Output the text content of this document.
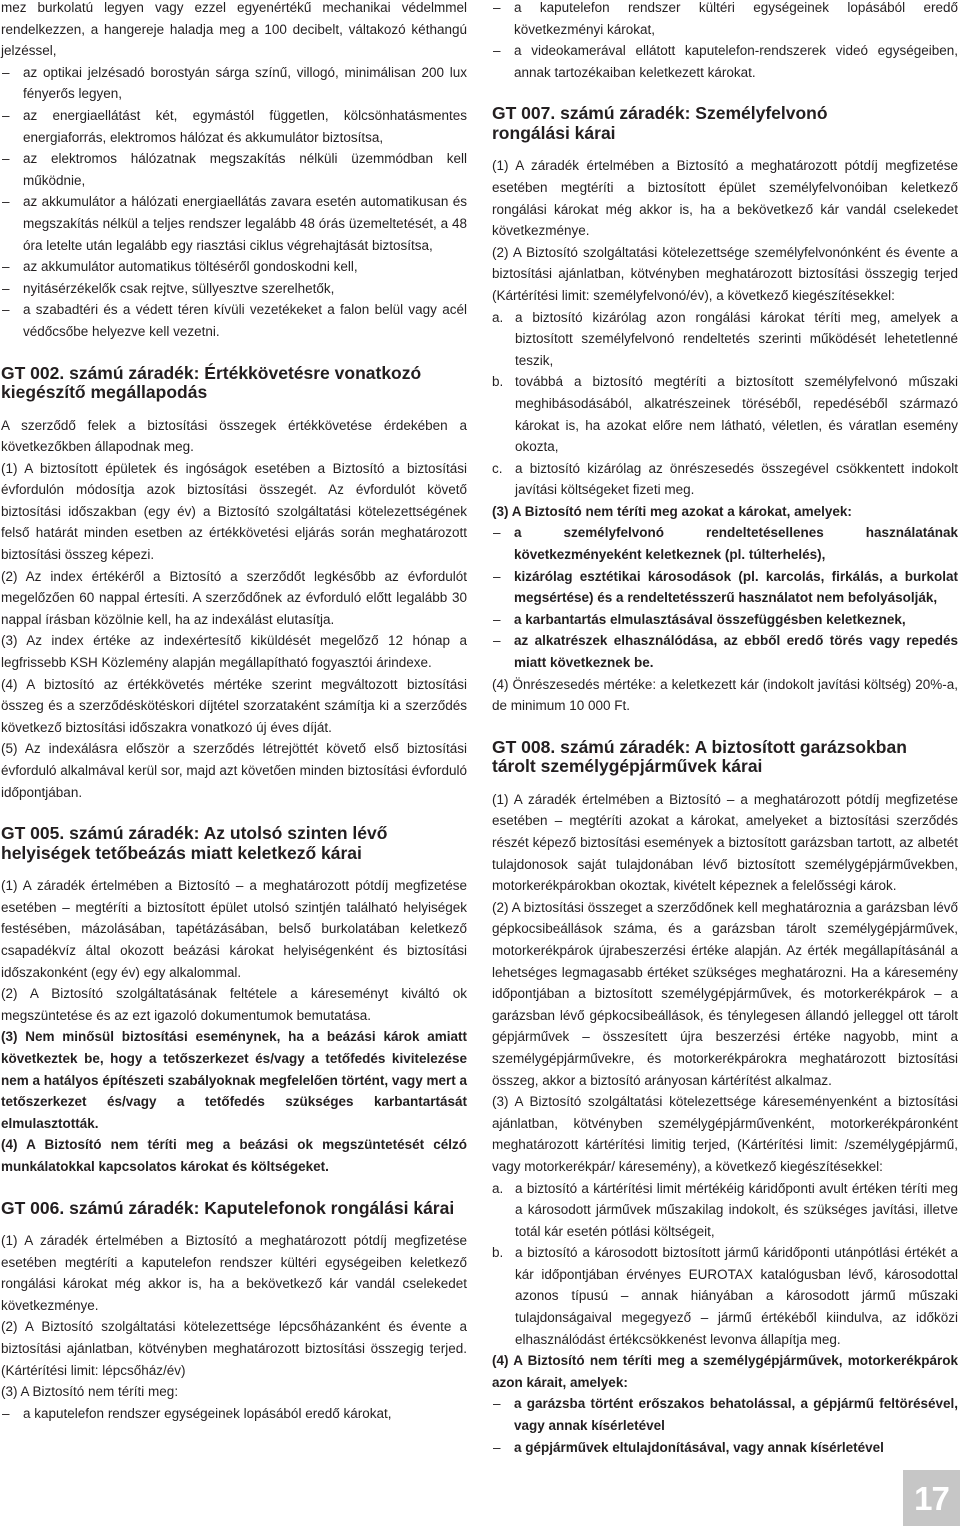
mez burkolatú legyen vagy ezzel egyenértékű mechanikai védelmmel rendelkezzen, a hangereje haladja meg a 100 decibelt, váltakozó kéthangú jelzéssel,

– az optikai jelzésadó borostyán sárga színű, villogó, minimálisan 200 lux fényerős legyen,
– az energiaellátást két, egymástól független, kölcsönhatásmentes energiaforrás, elektromos hálózat és akkumulátor biztosítsa,
– az elektromos hálózatnak megszakítás nélküli üzemmódban kell működnie,
– az akkumulátor a hálózati energiaellátás zavara esetén automatikusan és megszakítás nélkül a teljes rendszer legalább 48 órás üzemeltetését, a 48 óra letelte után legalább egy riasztási ciklus végrehajtását biztosítsa,
– az akkumulátor automatikus töltéséről gondoskodni kell,
– nyitásérzékelők csak rejtve, süllyesztve szerelhetők,
– a szabadtéri és a védett téren kívüli vezetékeket a falon belül vagy acél védőcsőbe helyezve kell vezetni.
GT 002. számú záradék: Értékkövetésre vonatkozó
kiegészítő megállapodás

A szerződő felek a biztosítási összegek értékkövetése érdekében a következőkben állapodnak meg.

(1) A biztosított épületek és ingóságok esetében a Biztosító a biztosítási évfordulón módosítja azok biztosítási összegét. Az évfordulót követő biztosítási időszakban (egy év) a Biztosító szolgáltatási kötelezettségének felső határát minden esetben az értékkövetési eljárás során meghatározott biztosítási összeg képezi.

(2) Az index értékéről a Biztosító a szerződőt legkésőbb az évfordulót megelőzően 60 nappal értesíti. A szerződőnek az évforduló előtt legalább 30 nappal írásban közölnie kell, ha az indexálást elutasítja.

(3) Az index értéke az indexértesítő kiküldését megelőző 12 hónap a legfrissebb KSH Közlemény alapján megállapítható fogyasztói árindexe.

(4) A biztosító az értékkövetés mértéke szerint megváltozott biztosítási összeg és a szerződéskötéskori díjtétel szorzataként számítja ki a szerződés következő biztosítási időszakra vonatkozó új éves díját.

(5) Az indexálásra először a szerződés létrejöttét követő első biztosítási évforduló alkalmával kerül sor, majd azt követően minden biztosítási évforduló időpontjában.

GT 005. számú záradék: Az utolsó szinten lévő
helyiségek tetőbeázás miatt keletkező kárai

(1) A záradék értelmében a Biztosító – a meghatározott pótdíj megfizetése esetében – megtéríti a biztosított épület utolsó szintjén található helyiségek festésében, mázolásában, tapétázásában, belső burkolatában keletkező csapadékvíz által okozott beázási károkat helyiségenként és biztosítási időszakonként (egy év) egy alkalommal.

(2) A Biztosító szolgáltatásának feltétele a káreseményt kiváltó ok megszüntetése és az ezt igazoló dokumentumok bemutatása.

(3) Nem minősül biztosítási eseménynek, ha a beázási károk amiatt következtek be, hogy a tetőszerkezet és/vagy a tetőfedés kivitelezése nem a hatályos építészeti szabályoknak megfelelően történt, vagy mert a tetőszerkezet és/vagy a tetőfedés szükséges karbantartását elmulasztották.

(4) A Biztosító nem téríti meg a beázási ok megszüntetését célzó munkálatokkal kapcsolatos károkat és költségeket.

GT 006. számú záradék: Kaputelefonok rongálási kárai

(1) A záradék értelmében a Biztosító a meghatározott pótdíj megfizetése esetében megtéríti a kaputelefon rendszer kültéri egységeiben keletkező rongálási károkat még akkor is, ha a bekövetkező kár vandál cselekedet következménye.

(2) A Biztosító szolgáltatási kötelezettsége lépcsőházanként és évente a biztosítási ajánlatban, kötvényben meghatározott biztosítási összegig terjed. (Kártérítési limit: lépcsőház/év)

(3) A Biztosító nem téríti meg:

– a kaputelefon rendszer egységeinek lopásából eredő károkat,
– a kaputelefon rendszer kültéri egységeinek lopásából eredő következményi károkat,
– a videokamerával ellátott kaputelefon-rendszerek videó egységeiben, annak tartozékaiban keletkezett károkat.
GT 007. számú záradék: Személyfelvonó
rongálási kárai

(1) A záradék értelmében a Biztosító a meghatározott pótdíj megfizetése esetében megtéríti a biztosított épület személyfelvonóiban keletkező rongálási károkat még akkor is, ha a bekövetkező kár vandál cselekedet következménye.

(2) A Biztosító szolgáltatási kötelezettsége személyfelvonónként és évente a biztosítási ajánlatban, kötvényben meghatározott biztosítási összegig terjed (Kártérítési limit: személyfelvonó/év), a következő kiegészítésekkel:

a. a biztosító kizárólag azon rongálási károkat téríti meg, amelyek a biztosított személyfelvonó rendeltetés szerinti működését lehetetlenné teszik,
b. továbbá a biztosító megtéríti a biztosított személyfelvonó műszaki meghibásodásából, alkatrészeinek töréséből, repedéséből származó károkat is, ha azokat előre nem látható, véletlen, és váratlan esemény okozta,
c. a biztosító kizárólag az önrészesedés összegével csökkentett indokolt javítási költségeket fizeti meg.

(3) A Biztosító nem téríti meg azokat a károkat, amelyek:

– a személyfelvonó rendeltetésellenes használatának következményeként keletkeznek (pl. túlterhelés),
– kizárólag esztétikai károsodások (pl. karcolás, firkálás, a burkolat megsértése) és a rendeltetésszerű használatot nem befolyásolják,
– a karbantartás elmulasztásával összefüggésben keletkeznek,
– az alkatrészek elhasználódása, az ebből eredő törés vagy repedés miatt következnek be.

(4) Önrészesedés mértéke: a keletkezett kár (indokolt javítási költség) 20%-a, de minimum 10 000 Ft.

GT 008. számú záradék: A biztosított garázsokban
tárolt személygépjárművek kárai

(1) A záradék értelmében a Biztosító – a meghatározott pótdíj megfizetése esetében – megtéríti azokat a károkat, amelyeket a biztosítási szerződés részét képező biztosítási események a biztosított garázsban tartott, az albetét tulajdonosok saját tulajdonában lévő biztosított személygépjárművekben, motorkerékpárokban okoztak, kivételt képeznek a felelősségi károk.

(2) A biztosítási összeget a szerződőnek kell meghatároznia a garázsban lévő gépkocsibeállások száma, és a garázsban tárolt személygépjárművek, motorkerékpárok újrabeszerzési értéke alapján. Az érték megállapításánál a lehetséges legmagasabb értéket szükséges meghatározni. Ha a káresemény időpontjában a biztosított személygépjárművek, és motorkerékpárok – a garázsban lévő gépkocsibeállások, és ténylegesen állandó jelleggel ott tárolt gépjárművek – összesített újra beszerzési értéke nagyobb, mint a személygépjárművekre, és motorkerékpárokra meghatározott biztosítási összeg, akkor a biztosító arányosan kártérítést alkalmaz.

(3) A Biztosító szolgáltatási kötelezettsége káreseményenként a biztosítási ajánlatban, kötvényben személygépjárművenként, motorkerékpáronként meghatározott kártérítési limitig terjed, (Kártérítési limit: /személygépjármű, vagy motorkerékpár/ káresemény), a következő kiegészítésekkel:

a. a biztosító a kártérítési limit mértékéig káridőponti avult értéken téríti meg a károsodott járművek műszakilag indokolt, és szükséges javítási, illetve totál kár esetén pótlási költségeit,
b. a biztosító a károsodott biztosított jármű káridőponti utánpótlási értékét a kár időpontjában érvényes EUROTAX katalógusban lévő, károsodottal azonos típusú – annak hiányában a károsodott jármű műszaki tulajdonságaival megegyező – jármű értékéből kiindulva, az időközi elhasználódást értékcsökkenést levonva állapítja meg.

(4) A Biztosító nem téríti meg a személygépjárművek, motorkerékpárok azon kárait, amelyek:

– a garázsba történt erőszakos behatolással, a gépjármű feltörésével, vagy annak kísérletével
– a gépjárművek eltulajdonításával, vagy annak kísérletével
17
